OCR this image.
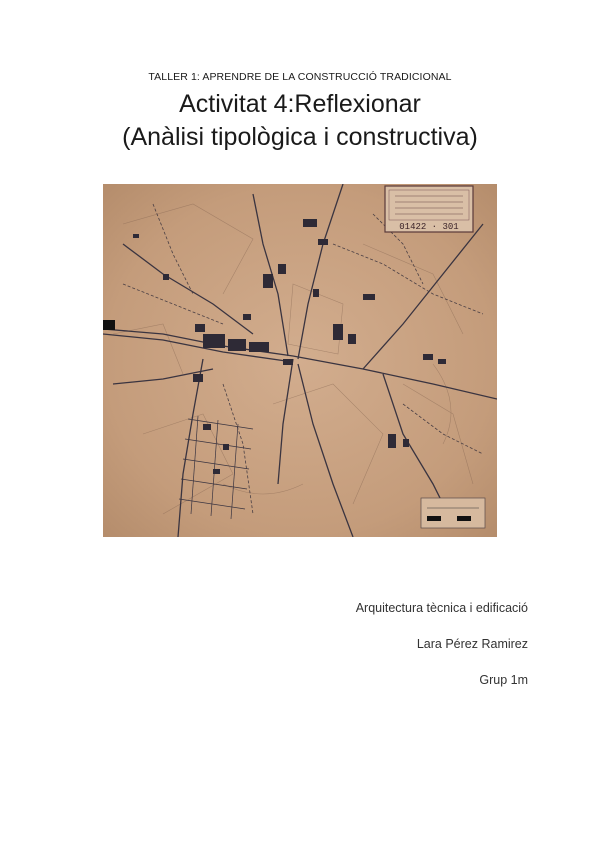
TALLER 1: APRENDRE DE LA CONSTRUCCIÓ TRADICIONAL
Activitat 4:Reflexionar
(Anàlisi tipològica i constructiva)
01422 · 301
Arquitectura tècnica i edificació
Lara Pérez Ramirez
Grup 1m
